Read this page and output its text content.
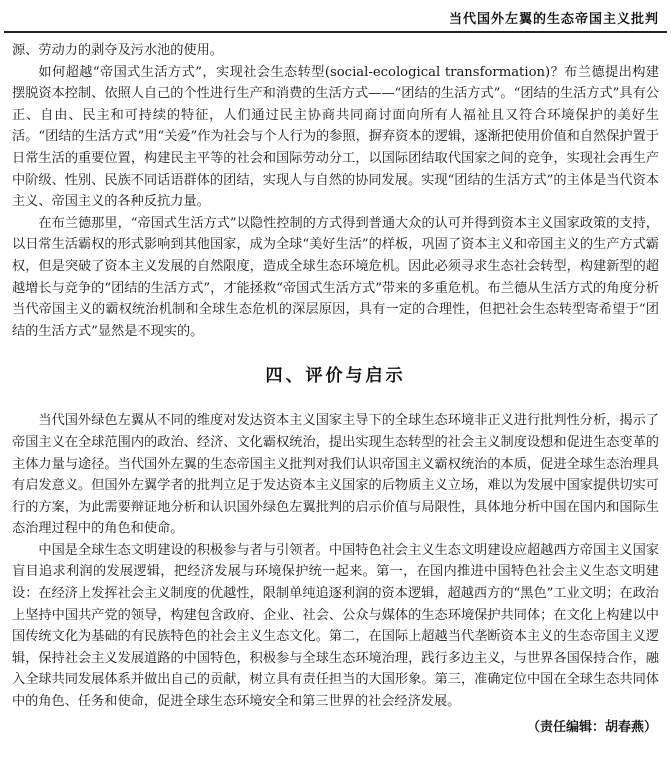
当代国外左翼的生态帝国主义批判

源、劳动力的剥夺及污水池的使用。

如何超越“帝国式生活方式”，实现社会生态转型(social-ecological transformation)？布兰德提出构建摆脱资本控制、依照人自己的个性进行生产和消费的生活方式——“团结的生活方式”。“团结的生活方式”具有公正、自由、民主和可持续的特征，人们通过民主协商共同商讨面向所有人福祉且又符合环境保护的美好生活。“团结的生活方式”用“关爱”作为社会与个人行为的参照，摒弃资本的逻辑，逐渐把使用价值和自然保护置于日常生活的重要位置，构建民主平等的社会和国际劳动分工，以国际团结取代国家之间的竞争，实现社会再生产中阶级、性别、民族不同话语群体的团结，实现人与自然的协同发展。实现“团结的生活方式”的主体是当代资本主义、帝国主义的各种反抗力量。

在布兰德那里，“帝国式生活方式”以隐性控制的方式得到普通大众的认可并得到资本主义国家政策的支持，以日常生活霸权的形式影响到其他国家，成为全球“美好生活”的样板，巩固了资本主义和帝国主义的生产方式霸权，但是突破了资本主义发展的自然限度，造成全球生态环境危机。因此必须寻求生态社会转型，构建新型的超越增长与竞争的“团结的生活方式”，才能拯救“帝国式生活方式”带来的多重危机。布兰德从生活方式的角度分析当代帝国主义的霸权统治机制和全球生态危机的深层原因，具有一定的合理性，但把社会生态转型寄希望于“团结的生活方式”显然是不现实的。

四、评价与启示

当代国外绿色左翼从不同的维度对发达资本主义国家主导下的全球生态环境非正义进行批判性分析，揭示了帝国主义在全球范围内的政治、经济、文化霸权统治，提出实现生态转型的社会主义制度设想和促进生态变革的主体力量与途径。当代国外左翼的生态帝国主义批判对我们认识帝国主义霸权统治的本质，促进全球生态治理具有启发意义。但国外左翼学者的批判立足于发达资本主义国家的后物质主义立场，难以为发展中国家提供切实可行的方案，为此需要辩证地分析和认识国外绿色左翼批判的启示价值与局限性，具体地分析中国在国内和国际生态治理过程中的角色和使命。

中国是全球生态文明建设的积极参与者与引领者。中国特色社会主义生态文明建设应超越西方帝国主义国家盲目追求利润的发展逻辑，把经济发展与环境保护统一起来。第一，在国内推进中国特色社会主义生态文明建设：在经济上发挥社会主义制度的优越性，限制单纯追逐利润的资本逻辑，超越西方的“黑色”工业文明；在政治上坚持中国共产党的领导，构建包含政府、企业、社会、公众与媒体的生态环境保护共同体；在文化上构建以中国传统文化为基础的有民族特色的社会主义生态文化。第二，在国际上超越当代垄断资本主义的生态帝国主义逻辑，保持社会主义发展道路的中国特色，积极参与全球生态环境治理，践行多边主义，与世界各国保持合作，融入全球共同发展体系并做出自己的贡献，树立具有责任担当的大国形象。第三，准确定位中国在全球生态共同体中的角色、任务和使命，促进全球生态环境安全和第三世界的社会经济发展。

（责任编辑：胡春燕）
